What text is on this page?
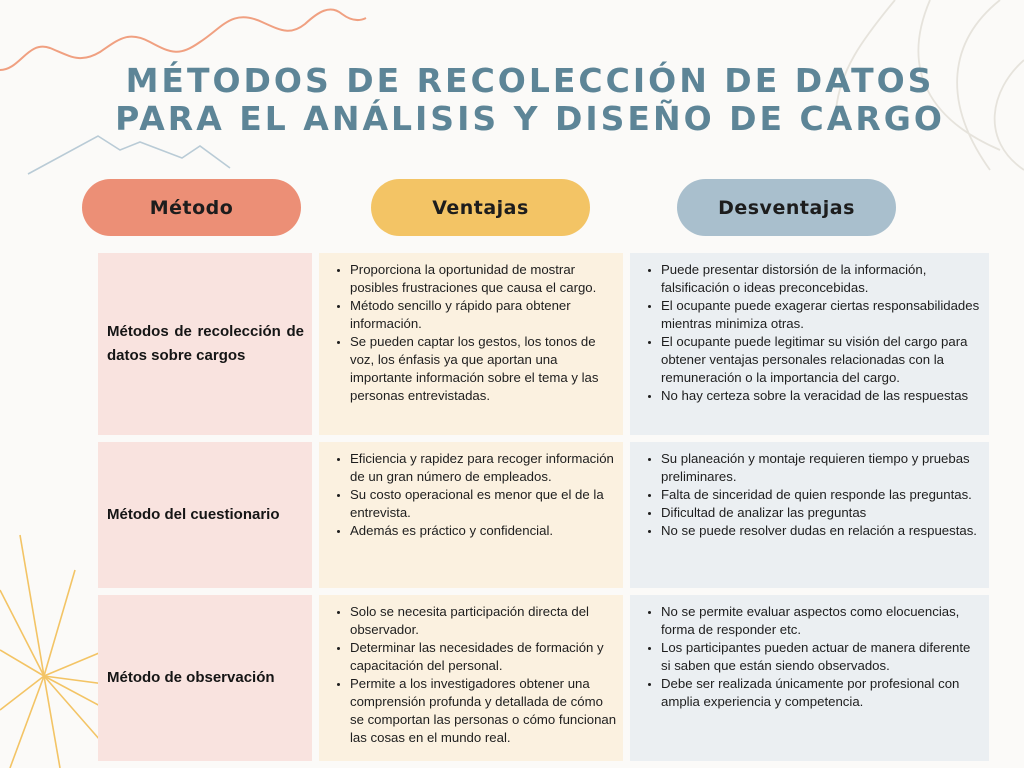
MÉTODOS DE RECOLECCIÓN DE DATOS
PARA EL ANÁLISIS Y DISEÑO DE CARGO
Método	Ventajas	Desventajas
Métodos de recolección de datos sobre cargos
• Proporciona la oportunidad de mostrar posibles frustraciones que causa el cargo.
• Método sencillo y rápido para obtener información.
• Se pueden captar los gestos, los tonos de voz, los énfasis ya que aportan una importante información sobre el tema y las personas entrevistadas.
• Puede presentar distorsión de la información, falsificación o ideas preconcebidas.
• El ocupante puede exagerar ciertas responsabilidades mientras minimiza otras.
• El ocupante puede legitimar su visión del cargo para obtener ventajas personales relacionadas con la remuneración o la importancia del cargo.
• No hay certeza sobre la veracidad de las respuestas
Método del cuestionario
• Eficiencia y rapidez para recoger información de un gran número de empleados.
• Su costo operacional es menor que el de la entrevista.
• Además es práctico y confidencial.
• Su planeación y montaje requieren tiempo y pruebas preliminares.
• Falta de sinceridad de quien responde las preguntas.
• Dificultad de analizar las preguntas
• No se puede resolver dudas en relación a respuestas.
Método de observación
• Solo se necesita participación directa del observador.
• Determinar las necesidades de formación y capacitación del personal.
• Permite a los investigadores obtener una comprensión profunda y detallada de cómo se comportan las personas o cómo funcionan las cosas en el mundo real.
• No se permite evaluar aspectos como elocuencias, forma de responder etc.
• Los participantes pueden actuar de manera diferente si saben que están siendo observados.
• Debe ser realizada únicamente por profesional con amplia experiencia y competencia.
